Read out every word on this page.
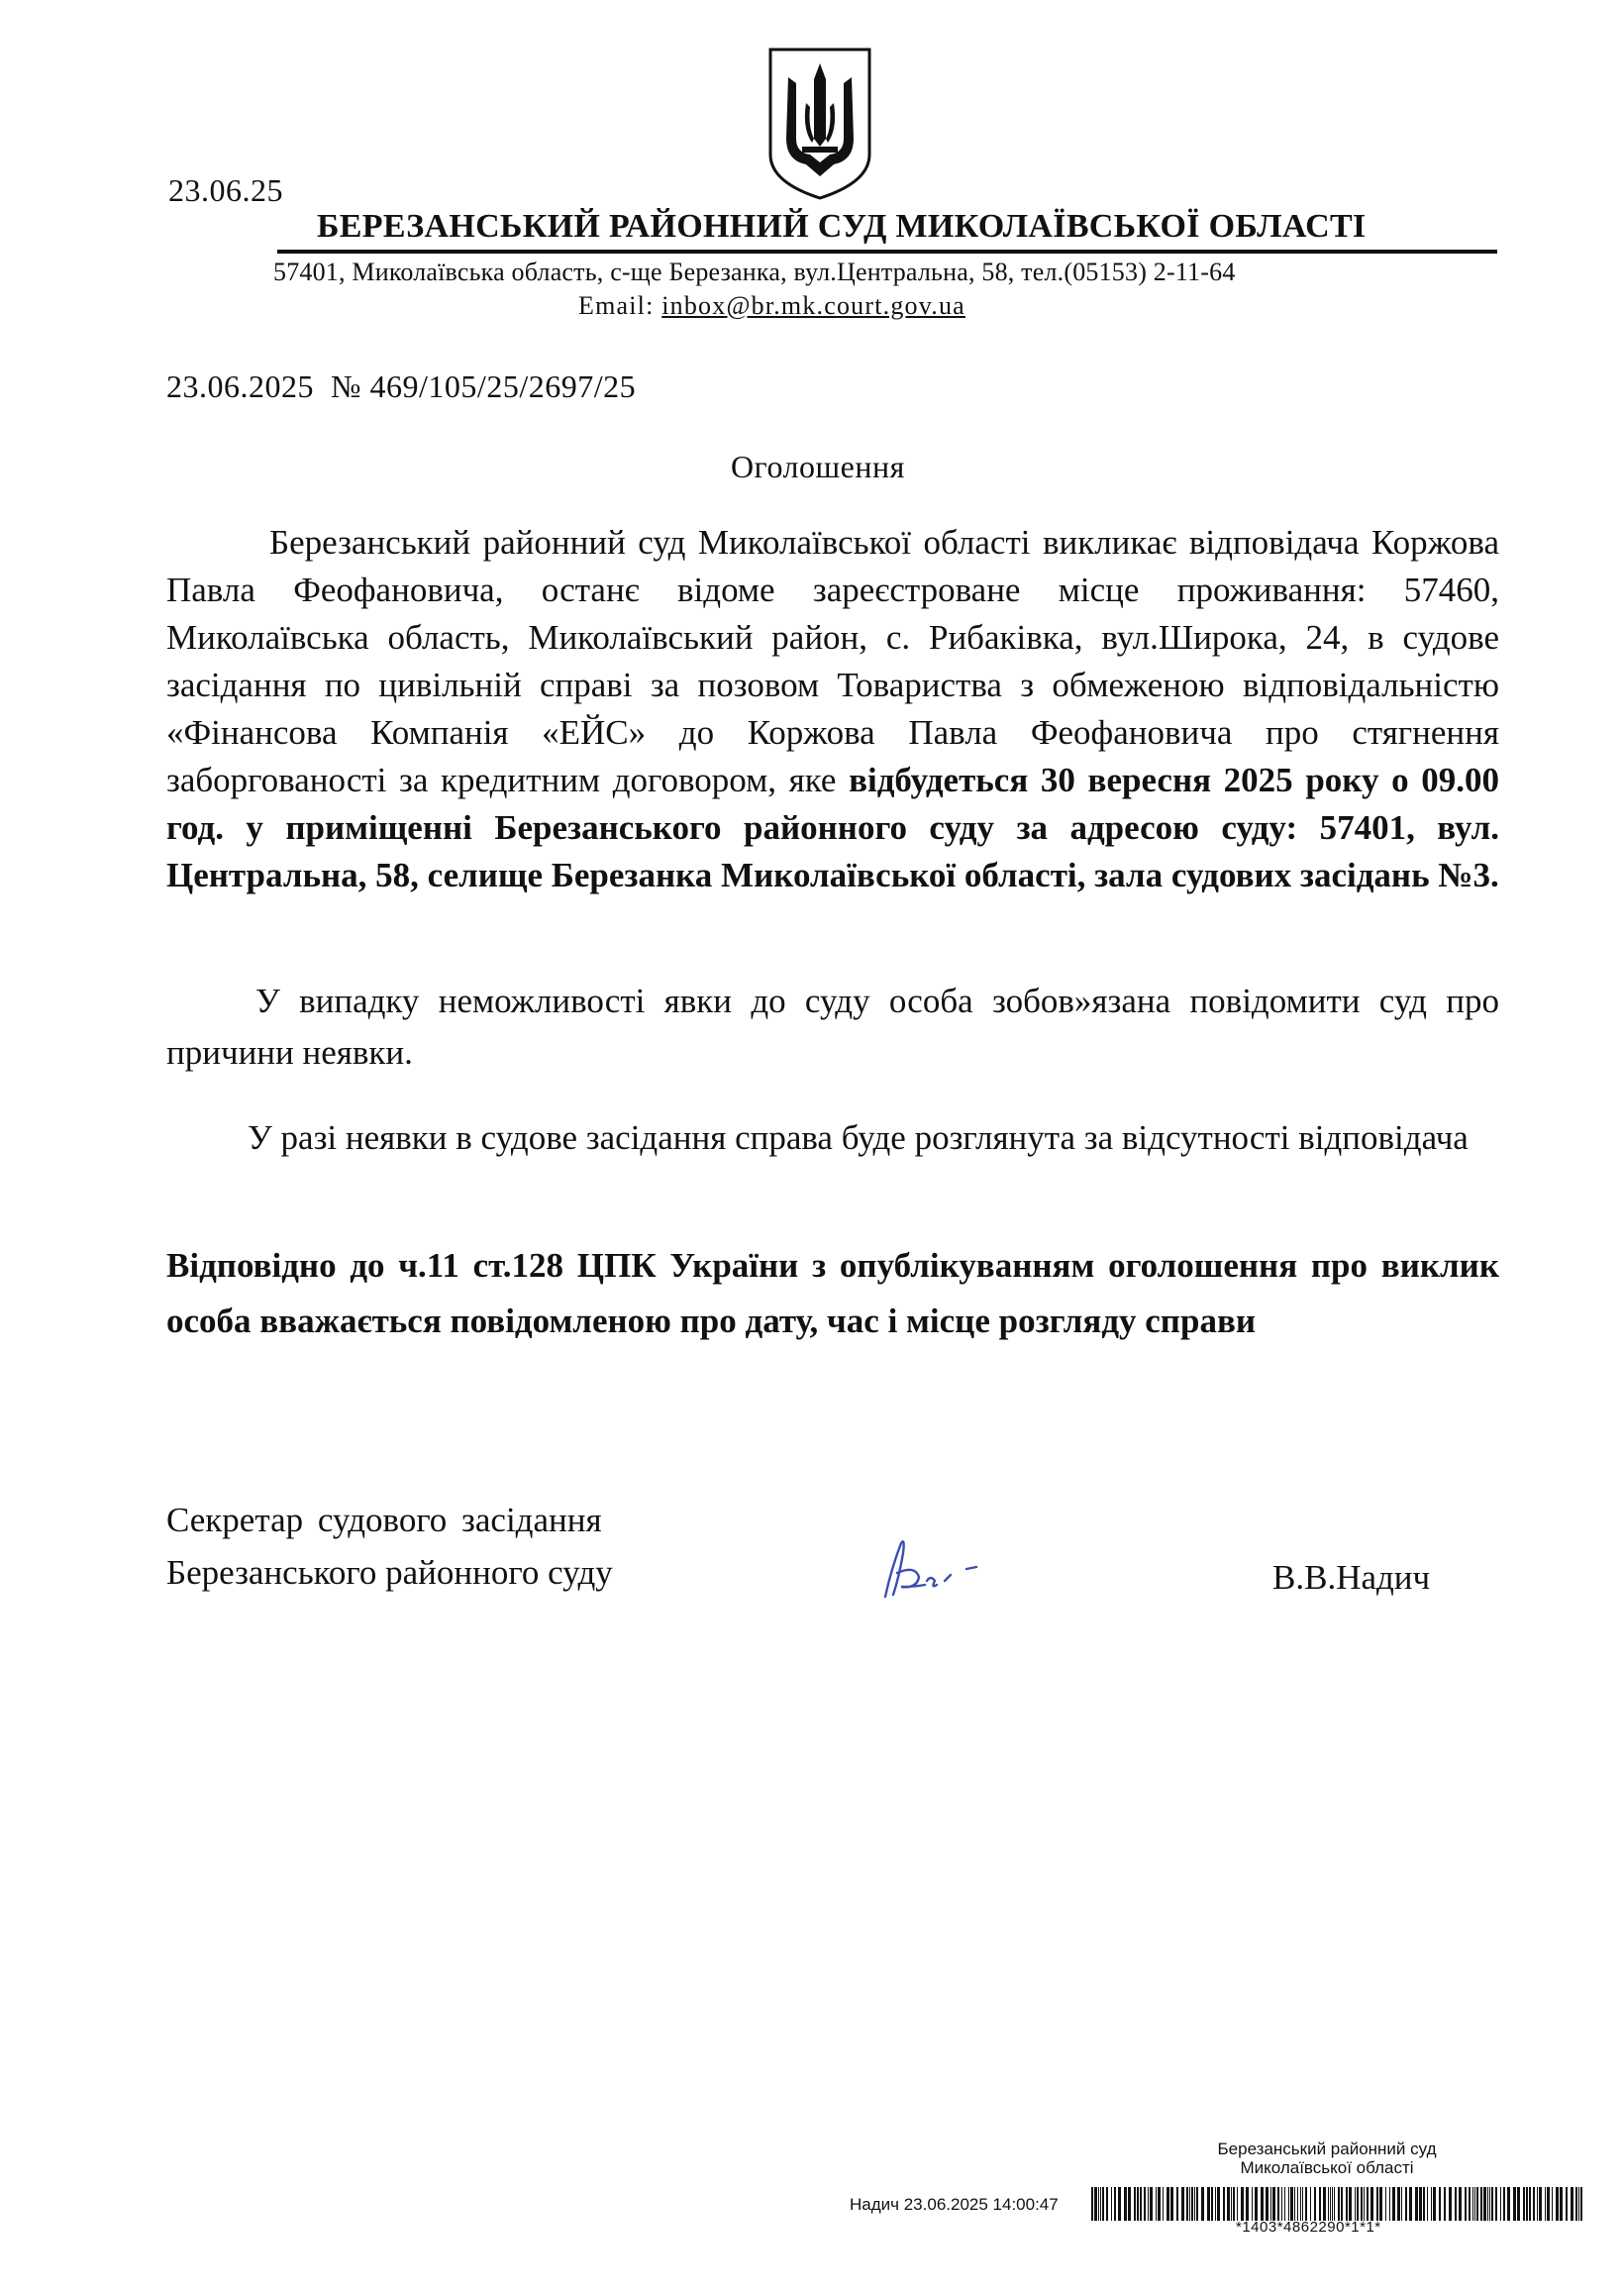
23.06.25
БЕРЕЗАНСЬКИЙ РАЙОННИЙ СУД МИКОЛАЇВСЬКОЇ ОБЛАСТІ
57401, Миколаївська область, с-ще Березанка, вул.Центральна, 58, тел.(05153) 2-11-64
Email: inbox@br.mk.court.gov.ua
23.06.2025 № 469/105/25/2697/25
Оголошення
Березанський районний суд Миколаївської області викликає відповідача Коржова Павла Феофановича, останє відоме зареєстроване місце проживання: 57460, Миколаївська область, Миколаївський район, с. Рибаківка, вул.Широка, 24, в судове засідання по цивільній справі за позовом Товариства з обмеженою відповідальністю «Фінансова Компанія «ЕЙС» до Коржова Павла Феофановича про стягнення заборгованості за кредитним договором, яке відбудеться 30 вересня 2025 року о 09.00 год. у приміщенні Березанського районного суду за адресою суду: 57401, вул. Центральна, 58, селище Березанка Миколаївської області, зала судових засідань №3.
У випадку неможливості явки до суду особа зобов»язана повідомити суд про причини неявки.
У разі неявки в судове засідання справа буде розглянута за відсутності відповідача
Відповідно до ч.11 ст.128 ЦПК України з опублікуванням оголошення про виклик особа вважається повідомленою про дату, час і місце розгляду справи
Секретар судового засідання
Березанського районного суду	В.В.Надич
Березанський районний суд
Миколаївської області
Надич 23.06.2025 14:00:47
*1403*4862290*1*1*
